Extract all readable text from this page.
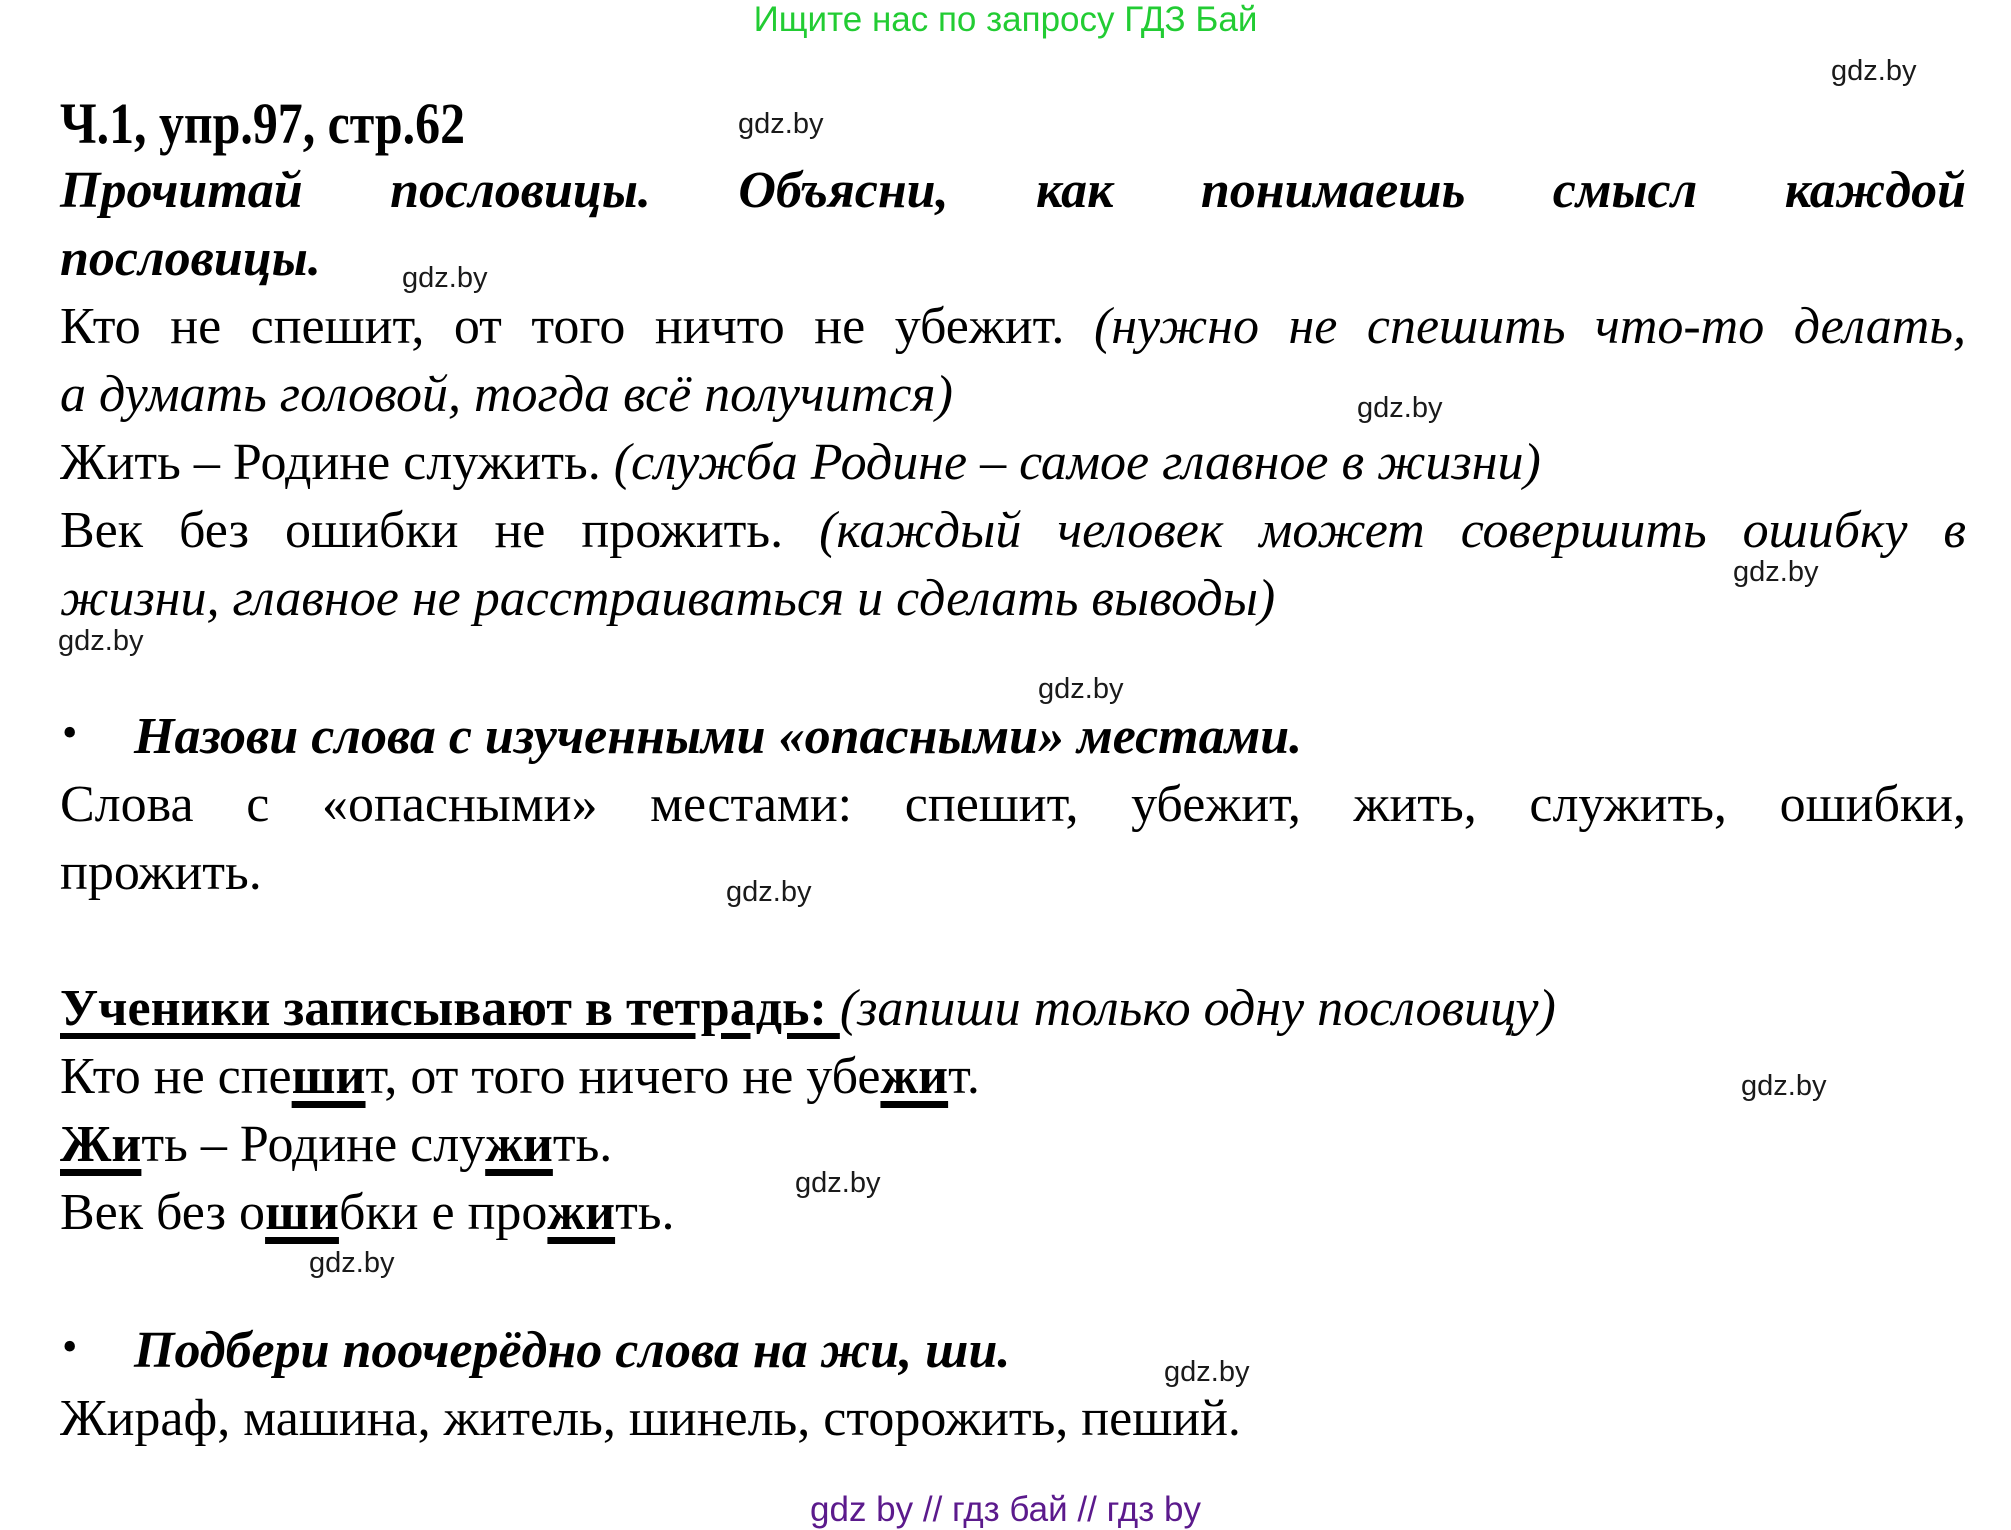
Ищите нас по запросу ГДЗ Бай
gdz.by
gdz.by
gdz.by
gdz.by
gdz.by
gdz.by
gdz.by
gdz.by
gdz.by
gdz.by
gdz.by
gdz.by
Ч.1, упр.97, стр.62
Прочитай пословицы. Объясни, как понимаешь смысл каждой
пословицы.
Кто не спешит, от того ничто не убежит. (нужно не спешить что-то делать,
а думать головой, тогда всё получится)
Жить – Родине служить. (служба Родине – самое главное в жизни)
Век без ошибки не прожить. (каждый человек может совершить ошибку в
жизни, главное не расстраиваться и сделать выводы)
• Назови слова с изученными «опасными» местами.
Слова с «опасными» местами: спешит, убежит, жить, служить, ошибки,
прожить.
Ученики записывают в тетрадь: (запиши только одну пословицу)
Кто не спешит, от того ничего не убежит.
Жить – Родине служить.
Век без ошибки е прожить.
• Подбери поочерёдно слова на жи, ши.
Жираф, машина, житель, шинель, сторожить, пеший.
gdz by // гдз бай // гдз by
